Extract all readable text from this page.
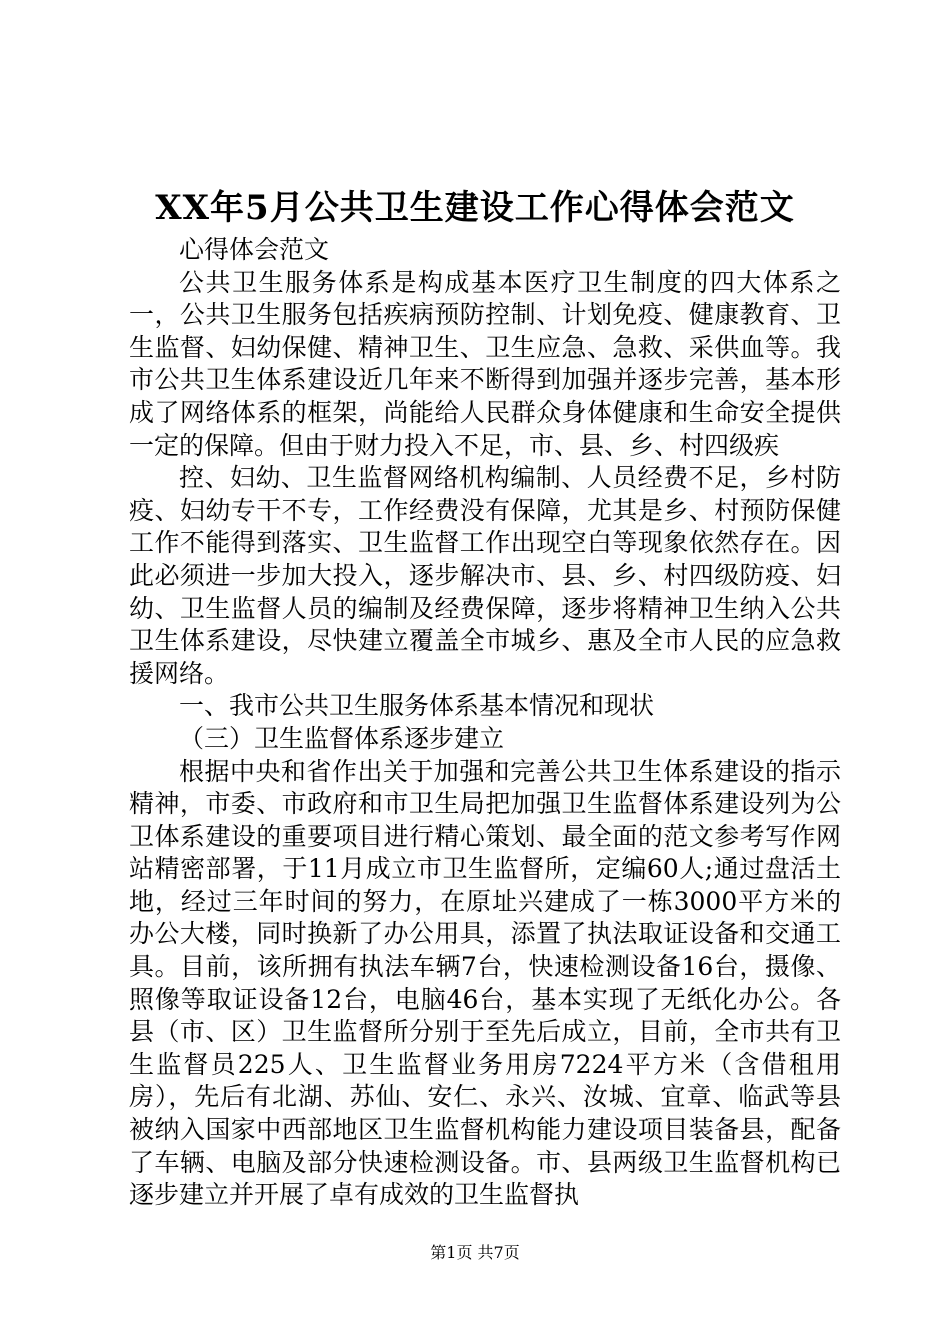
XX年5月公共卫生建设工作心得体会范文

心得体会范文

公共卫生服务体系是构成基本医疗卫生制度的四大体系之一，公共卫生服务包括疾病预防控制、计划免疫、健康教育、卫生监督、妇幼保健、精神卫生、卫生应急、急救、采供血等。我市公共卫生体系建设近几年来不断得到加强并逐步完善，基本形成了网络体系的框架，尚能给人民群众身体健康和生命安全提供一定的保障。但由于财力投入不足，市、县、乡、村四级疾

控、妇幼、卫生监督网络机构编制、人员经费不足，乡村防疫、妇幼专干不专，工作经费没有保障，尤其是乡、村预防保健工作不能得到落实、卫生监督工作出现空白等现象依然存在。因此必须进一步加大投入，逐步解决市、县、乡、村四级防疫、妇幼、卫生监督人员的编制及经费保障，逐步将精神卫生纳入公共卫生体系建设，尽快建立覆盖全市城乡、惠及全市人民的应急救援网络。

一、我市公共卫生服务体系基本情况和现状

（三）卫生监督体系逐步建立

根据中央和省作出关于加强和完善公共卫生体系建设的指示精神，市委、市政府和市卫生局把加强卫生监督体系建设列为公卫体系建设的重要项目进行精心策划、最全面的范文参考写作网站精密部署，于11月成立市卫生监督所，定编60人;通过盘活土地，经过三年时间的努力，在原址兴建成了一栋3000平方米的办公大楼，同时换新了办公用具，添置了执法取证设备和交通工具。目前，该所拥有执法车辆7台，快速检测设备16台，摄像、照像等取证设备12台，电脑46台，基本实现了无纸化办公。各县（市、区）卫生监督所分别于至先后成立，目前，全市共有卫生监督员225人、卫生监督业务用房7224平方米（含借租用房），先后有北湖、苏仙、安仁、永兴、汝城、宜章、临武等县被纳入国家中西部地区卫生监督机构能力建设项目装备县，配备了车辆、电脑及部分快速检测设备。市、县两级卫生监督机构已逐步建立并开展了卓有成效的卫生监督执

第1页 共7页
